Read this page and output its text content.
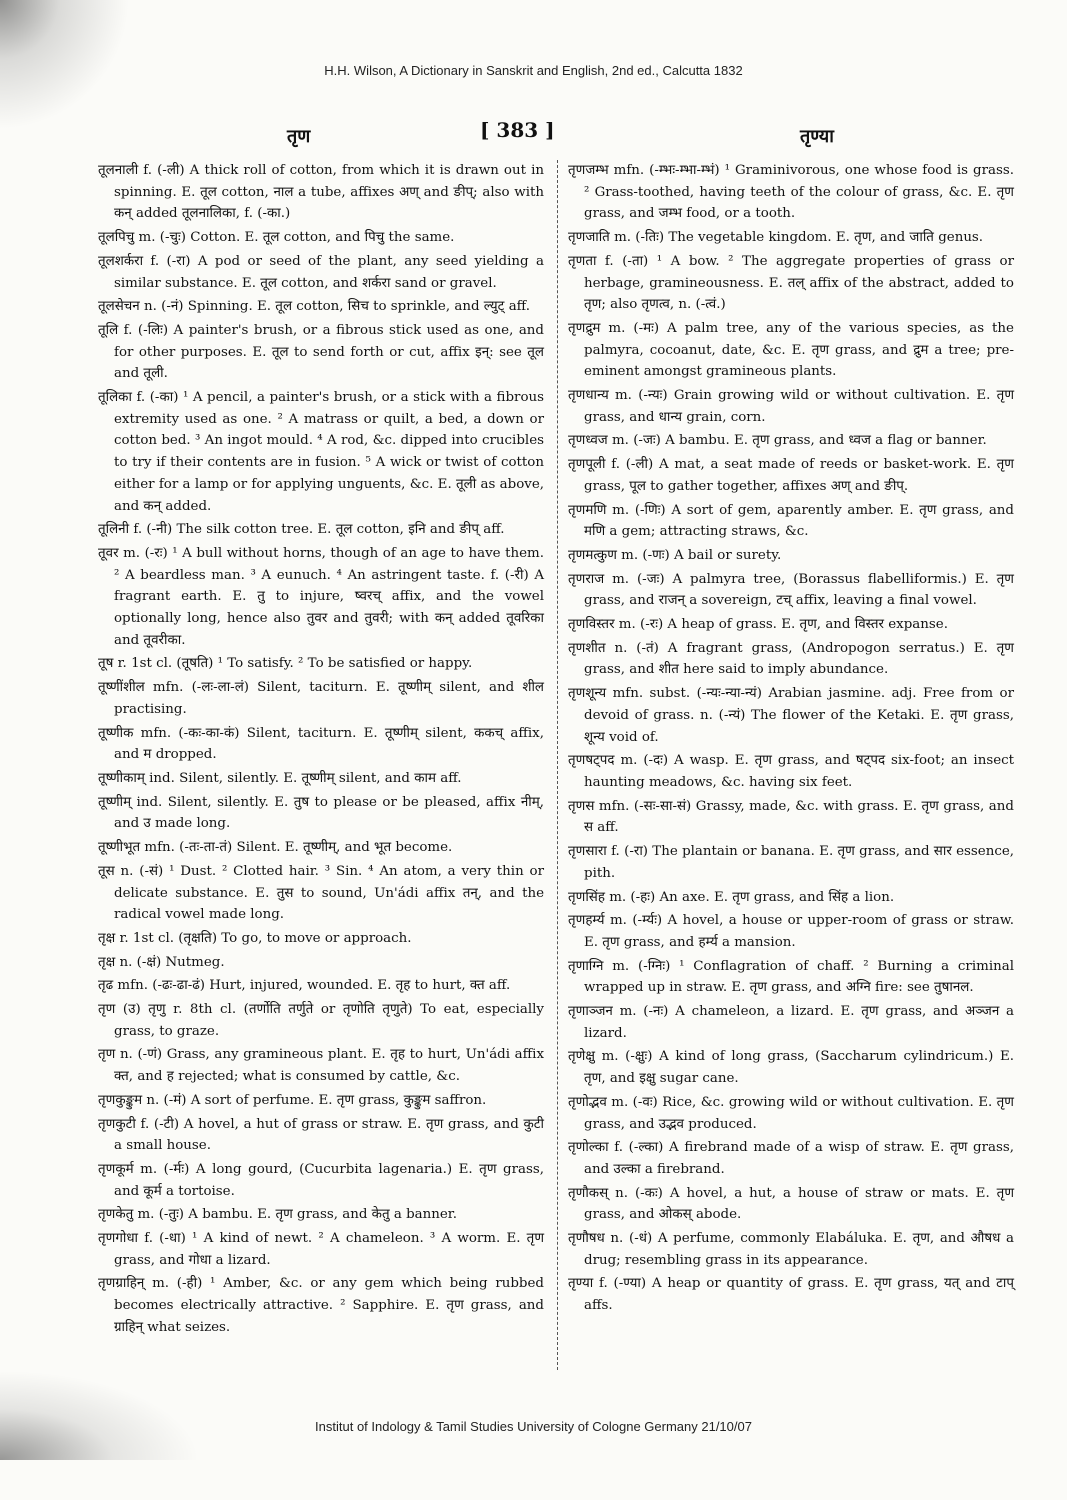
H.H. Wilson, A Dictionary in Sanskrit and English, 2nd ed., Calcutta 1832
तृण	[ 383 ]	तृण्या

तूलनाली f. (-ली) A thick roll of cotton, from which it is drawn out in spinning. E. तूल cotton, नाल a tube, affixes अण् and ङीप्; also with कन् added तूलनालिका, f. (-का.)

तूलपिचु m. (-चुः) Cotton. E. तूल cotton, and पिचु the same.

तूलशर्करा f. (-रा) A pod or seed of the plant, any seed yielding a similar substance. E. तूल cotton, and शर्करा sand or gravel.

तूलसेचन n. (-नं) Spinning. E. तूल cotton, सिच to sprinkle, and ल्युट् aff.

तूलि f. (-लिः) A painter's brush, or a fibrous stick used as one, and for other purposes. E. तूल to send forth or cut, affix इन्: see तूल and तूली.

तूलिका f. (-का) ¹ A pencil, a painter's brush, or a stick with a fibrous extremity used as one. ² A matrass or quilt, a bed, a down or cotton bed. ³ An ingot mould. ⁴ A rod, &c. dipped into crucibles to try if their contents are in fusion. ⁵ A wick or twist of cotton either for a lamp or for applying unguents, &c. E. तूली as above, and कन् added.

तूलिनी f. (-नी) The silk cotton tree. E. तूल cotton, इनि and ङीप् aff.

तूवर m. (-रः) ¹ A bull without horns, though of an age to have them. ² A beardless man. ³ A eunuch. ⁴ An astringent taste. f. (-री) A fragrant earth. E. तु to injure, ष्वरच् affix, and the vowel optionally long, hence also तुवर and तुवरी; with कन् added तूवरिका and तूवरीका.

तूष r. 1st cl. (तूषति) ¹ To satisfy. ² To be satisfied or happy.

तूष्णींशील mfn. (-लः-ला-लं) Silent, taciturn. E. तूष्णीम् silent, and शील practising.

तूष्णीक mfn. (-कः-का-कं) Silent, taciturn. E. तूष्णीम् silent, ककच् affix, and म dropped.

तूष्णीकाम् ind. Silent, silently. E. तूष्णीम् silent, and काम aff.

तूष्णीम् ind. Silent, silently. E. तुष to please or be pleased, affix नीम्, and उ made long.

तूष्णीभूत mfn. (-तः-ता-तं) Silent. E. तूष्णीम्, and भूत become.

तूस n. (-सं) ¹ Dust. ² Clotted hair. ³ Sin. ⁴ An atom, a very thin or delicate substance. E. तुस to sound, Un'ádi affix तन्, and the radical vowel made long.

तृक्ष r. 1st cl. (तृक्षति) To go, to move or approach.

तृक्ष n. (-क्षं) Nutmeg.

तृढ mfn. (-ढः-ढा-ढं) Hurt, injured, wounded. E. तृह to hurt, क्त aff.

तृण (उ) तृणु r. 8th cl. (तर्णोति तर्णुते or तृणोति तृणुते) To eat, especially grass, to graze.

तृण n. (-णं) Grass, any gramineous plant. E. तृह to hurt, Un'ádi affix क्त, and ह rejected; what is consumed by cattle, &c.

तृणकुङ्कुम n. (-मं) A sort of perfume. E. तृण grass, कुङ्कुम saffron.

तृणकुटी f. (-टी) A hovel, a hut of grass or straw. E. तृण grass, and कुटी a small house.

तृणकूर्म m. (-र्मः) A long gourd, (Cucurbita lagenaria.) E. तृण grass, and कूर्म a tortoise.

तृणकेतु m. (-तुः) A bambu. E. तृण grass, and केतु a banner.

तृणगोधा f. (-धा) ¹ A kind of newt. ² A chameleon. ³ A worm. E. तृण grass, and गोधा a lizard.

तृणग्राहिन् m. (-ही) ¹ Amber, &c. or any gem which being rubbed becomes electrically attractive. ² Sapphire. E. तृण grass, and ग्राहिन् what seizes.

तृणजम्भ mfn. (-म्भः-म्भा-म्भं) ¹ Graminivorous, one whose food is grass. ² Grass-toothed, having teeth of the colour of grass, &c. E. तृण grass, and जम्भ food, or a tooth.

तृणजाति m. (-तिः) The vegetable kingdom. E. तृण, and जाति genus.

तृणता f. (-ता) ¹ A bow. ² The aggregate properties of grass or herbage, gramineousness. E. तल् affix of the abstract, added to तृण; also तृणत्व, n. (-त्वं.)

तृणद्रुम m. (-मः) A palm tree, any of the various species, as the palmyra, cocoanut, date, &c. E. तृण grass, and द्रुम a tree; pre-eminent amongst gramineous plants.

तृणधान्य m. (-न्यः) Grain growing wild or without cultivation. E. तृण grass, and धान्य grain, corn.

तृणध्वज m. (-जः) A bambu. E. तृण grass, and ध्वज a flag or banner.

तृणपूली f. (-ली) A mat, a seat made of reeds or basket-work. E. तृण grass, पूल to gather together, affixes अण् and ङीप्.

तृणमणि m. (-णिः) A sort of gem, aparently amber. E. तृण grass, and मणि a gem; attracting straws, &c.

तृणमत्कुण m. (-णः) A bail or surety.

तृणराज m. (-जः) A palmyra tree, (Borassus flabelliformis.) E. तृण grass, and राजन् a sovereign, टच् affix, leaving a final vowel.

तृणविस्तर m. (-रः) A heap of grass. E. तृण, and विस्तर expanse.

तृणशीत n. (-तं) A fragrant grass, (Andropogon serratus.) E. तृण grass, and शीत here said to imply abundance.

तृणशून्य mfn. subst. (-न्यः-न्या-न्यं) Arabian jasmine. adj. Free from or devoid of grass. n. (-न्यं) The flower of the Ketaki. E. तृण grass, शून्य void of.

तृणषट्पद m. (-दः) A wasp. E. तृण grass, and षट्पद six-foot; an insect haunting meadows, &c. having six feet.

तृणस mfn. (-सः-सा-सं) Grassy, made, &c. with grass. E. तृण grass, and स aff.

तृणसारा f. (-रा) The plantain or banana. E. तृण grass, and सार essence, pith.

तृणसिंह m. (-हः) An axe. E. तृण grass, and सिंह a lion.

तृणहर्म्य m. (-र्म्यः) A hovel, a house or upper-room of grass or straw. E. तृण grass, and हर्म्य a mansion.

तृणाग्नि m. (-ग्निः) ¹ Conflagration of chaff. ² Burning a criminal wrapped up in straw. E. तृण grass, and अग्नि fire: see तुषानल.

तृणाञ्जन m. (-नः) A chameleon, a lizard. E. तृण grass, and अञ्जन a lizard.

तृणेक्षु m. (-क्षुः) A kind of long grass, (Saccharum cylindricum.) E. तृण, and इक्षु sugar cane.

तृणोद्भव m. (-वः) Rice, &c. growing wild or without cultivation. E. तृण grass, and उद्भव produced.

तृणोल्का f. (-ल्का) A firebrand made of a wisp of straw. E. तृण grass, and उल्का a firebrand.

तृणौकस् n. (-कः) A hovel, a hut, a house of straw or mats. E. तृण grass, and ओकस् abode.

तृणौषध n. (-धं) A perfume, commonly Elabáluka. E. तृण, and औषध a drug; resembling grass in its appearance.

तृण्या f. (-ण्या) A heap or quantity of grass. E. तृण grass, यत् and टाप् affs.

Institut of Indology & Tamil Studies University of Cologne Germany 21/10/07
